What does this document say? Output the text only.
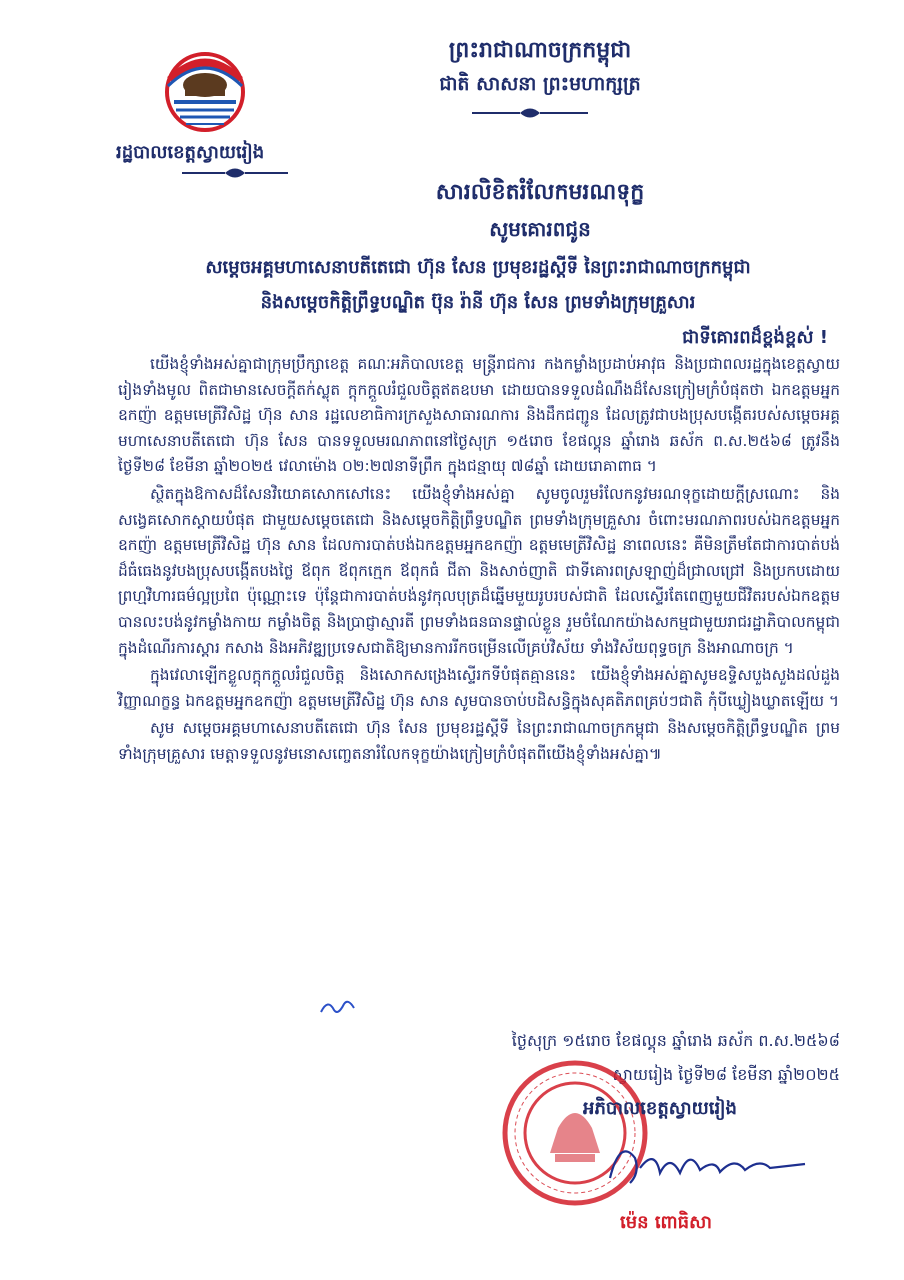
ព្រះរាជាណាចក្រកម្ពុជា
ជាតិ សាសនា ព្រះមហាក្សត្រ
រដ្ឋបាលខេត្តស្វាយរៀង
សារលិខិតរំលែកមរណទុក្ខ
សូមគោរពជូន
សម្តេចអគ្គមហាសេនាបតីតេជោ ហ៊ុន សែន ប្រមុខរដ្ឋស្តីទី នៃព្រះរាជាណាចក្រកម្ពុជា
និងសម្តេចកិត្តិព្រឹទ្ធបណ្ឌិត ប៊ុន រ៉ានី ហ៊ុន សែន ព្រមទាំងក្រុមគ្រួសារ
ជាទីគោរពដ៏ខ្ពង់ខ្ពស់ !

យើងខ្ញុំទាំងអស់គ្នាជាក្រុមប្រឹក្សាខេត្ត គណៈអភិបាលខេត្ត មន្ត្រីរាជការ កងកម្លាំងប្រដាប់អាវុធ និងប្រជាពលរដ្ឋក្នុងខេត្តស្វាយរៀងទាំងមូល ពិតជាមានសេចក្តីតក់ស្លុត ក្តុកក្តួលរំជួលចិត្តឥតឧបមា ដោយបានទទួលដំណឹងដ៏សែនក្រៀមក្រំបំផុតថា ឯកឧត្តមអ្នកឧកញ៉ា ឧត្តមមេត្រីវិសិដ្ឋ ហ៊ុន សាន រដ្ឋលេខាធិការក្រសួងសាធារណការ និងដឹកជញ្ជូន ដែលត្រូវជាបងប្រុសបង្កើតរបស់សម្តេចអគ្គមហាសេនាបតីតេជោ ហ៊ុន សែន បានទទួលមរណភាពនៅថ្ងៃសុក្រ ១៥រោច ខែផល្គុន ឆ្នាំរោង ឆស័ក ព.ស.២៥៦៨ ត្រូវនឹងថ្ងៃទី២៨ ខែមីនា ឆ្នាំ២០២៥ វេលាម៉ោង ០២:២៧នាទីព្រឹក ក្នុងជន្មាយុ ៧៨ឆ្នាំ ដោយរោគាពាធ ។

ស្ថិតក្នុងឱកាសដ៏សែនវិយោគសោកសៅនេះ យើងខ្ញុំទាំងអស់គ្នា សូមចូលរួមរំលែកនូវមរណទុក្ខដោយក្តីស្រណោះ និងសង្វេគសោកស្តាយបំផុត ជាមួយសម្តេចតេជោ និងសម្តេចកិត្តិព្រឹទ្ធបណ្ឌិត ព្រមទាំងក្រុមគ្រួសារ ចំពោះមរណភាពរបស់ឯកឧត្តមអ្នកឧកញ៉ា ឧត្តមមេត្រីវិសិដ្ឋ ហ៊ុន សាន ដែលការបាត់បង់ឯកឧត្តមអ្នកឧកញ៉ា ឧត្តមមេត្រីវិសិដ្ឋ នាពេលនេះ គឺមិនត្រឹមតែជាការបាត់បង់ដ៏ធំធេងនូវបងប្រុសបង្កើតបងថ្លៃ ឪពុក ឪពុកក្មេក ឪពុកធំ ជីតា និងសាច់ញាតិ ជាទីគោរពស្រឡាញ់ដ៏ជ្រាលជ្រៅ និងប្រកបដោយព្រហ្មវិហារធម៌ល្អប្រពៃ ប៉ុណ្ណោះទេ ប៉ុន្តែជាការបាត់បង់នូវកុលបុត្រដ៏ឆ្នើមមួយរូបរបស់ជាតិ ដែលស្ទើរតែពេញមួយជីវិតរបស់ឯកឧត្តម បានលះបង់នូវកម្លាំងកាយ កម្លាំងចិត្ត និងប្រាជ្ញាស្មារតី ព្រមទាំងធនធានផ្ទាល់ខ្លួន រួមចំណែកយ៉ាងសកម្មជាមួយរាជរដ្ឋាភិបាលកម្ពុជា ក្នុងដំណើរការស្តារ កសាង និងអភិវឌ្ឍប្រទេសជាតិឱ្យមានការរីកចម្រើនលើគ្រប់វិស័យ ទាំងវិស័យពុទ្ធចក្រ និងអាណាចក្រ ។

ក្នុងវេលាឡើកខ្លួលក្តុកក្តួលរំជួលចិត្ត និងសោកសង្រេងស្ទើរកទីបំផុតគ្មាននេះ យើងខ្ញុំទាំងអស់គ្នាសូមឧទ្ទិសបួងសួងដល់ដួងវិញ្ញាណក្ខន្ធ ឯកឧត្តមអ្នកឧកញ៉ា ឧត្តមមេត្រីវិសិដ្ឋ ហ៊ុន សាន សូមបានចាប់បដិសន្ធិក្នុងសុគតិភពគ្រប់ៗជាតិ កុំបីឃ្លៀងឃ្លាតឡើយ ។

សូម សម្តេចអគ្គមហាសេនាបតីតេជោ ហ៊ុន សែន ប្រមុខរដ្ឋស្តីទី នៃព្រះរាជាណាចក្រកម្ពុជា និងសម្តេចកិត្តិព្រឹទ្ធបណ្ឌិត ព្រមទាំងក្រុមគ្រួសារ មេត្តាទទួលនូវមនោសញ្ចេតនារំលែកទុក្ខយ៉ាងក្រៀមក្រំបំផុតពីយើងខ្ញុំទាំងអស់គ្នា៕

ថ្ងៃសុក្រ ១៥រោច ខែផល្គុន ឆ្នាំរោង ឆស័ក ព.ស.២៥៦៨
ស្វាយរៀង ថ្ងៃទី២៨ ខែមីនា ឆ្នាំ២០២៥
អភិបាលខេត្តស្វាយរៀង
ម៉េន ពោធិសា
